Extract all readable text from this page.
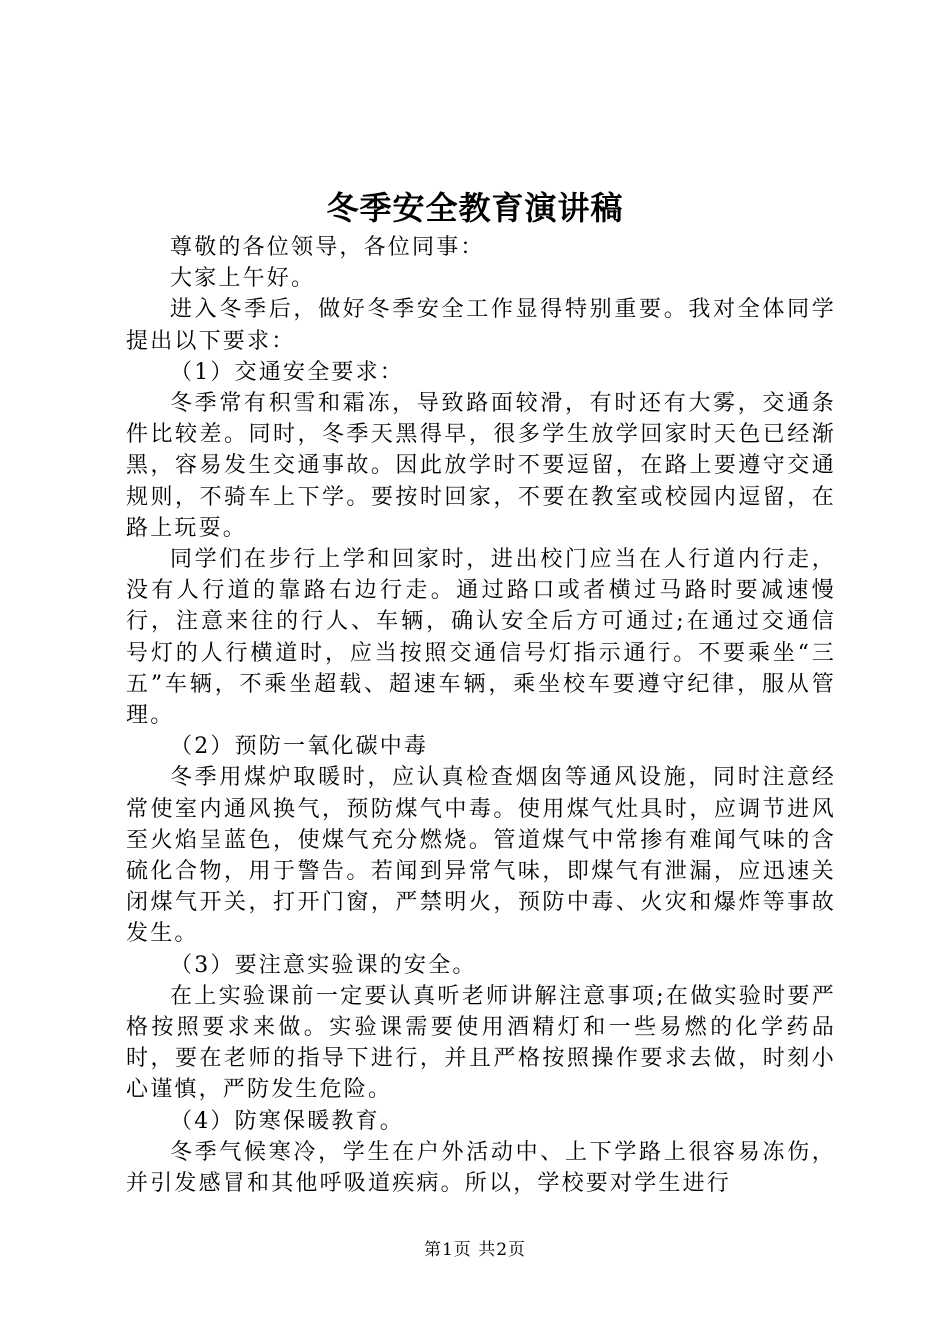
冬季安全教育演讲稿

尊敬的各位领导，各位同事：

大家上午好。

进入冬季后，做好冬季安全工作显得特别重要。我对全体同学提出以下要求：

（1）交通安全要求：

冬季常有积雪和霜冻，导致路面较滑，有时还有大雾，交通条件比较差。同时，冬季天黑得早，很多学生放学回家时天色已经渐黑，容易发生交通事故。因此放学时不要逗留，在路上要遵守交通规则，不骑车上下学。要按时回家，不要在教室或校园内逗留，在路上玩耍。

同学们在步行上学和回家时，进出校门应当在人行道内行走，没有人行道的靠路右边行走。通过路口或者横过马路时要减速慢行，注意来往的行人、车辆，确认安全后方可通过;在通过交通信号灯的人行横道时，应当按照交通信号灯指示通行。不要乘坐“三五”车辆，不乘坐超载、超速车辆，乘坐校车要遵守纪律，服从管理。

（2）预防一氧化碳中毒

冬季用煤炉取暖时，应认真检查烟囱等通风设施，同时注意经常使室内通风换气，预防煤气中毒。使用煤气灶具时，应调节进风至火焰呈蓝色，使煤气充分燃烧。管道煤气中常掺有难闻气味的含硫化合物，用于警告。若闻到异常气味，即煤气有泄漏，应迅速关闭煤气开关，打开门窗，严禁明火，预防中毒、火灾和爆炸等事故发生。

（3）要注意实验课的安全。

在上实验课前一定要认真听老师讲解注意事项;在做实验时要严格按照要求来做。实验课需要使用酒精灯和一些易燃的化学药品时，要在老师的指导下进行，并且严格按照操作要求去做，时刻小心谨慎，严防发生危险。

（4）防寒保暖教育。

冬季气候寒冷，学生在户外活动中、上下学路上很容易冻伤，并引发感冒和其他呼吸道疾病。所以，学校要对学生进行

第1页 共2页
